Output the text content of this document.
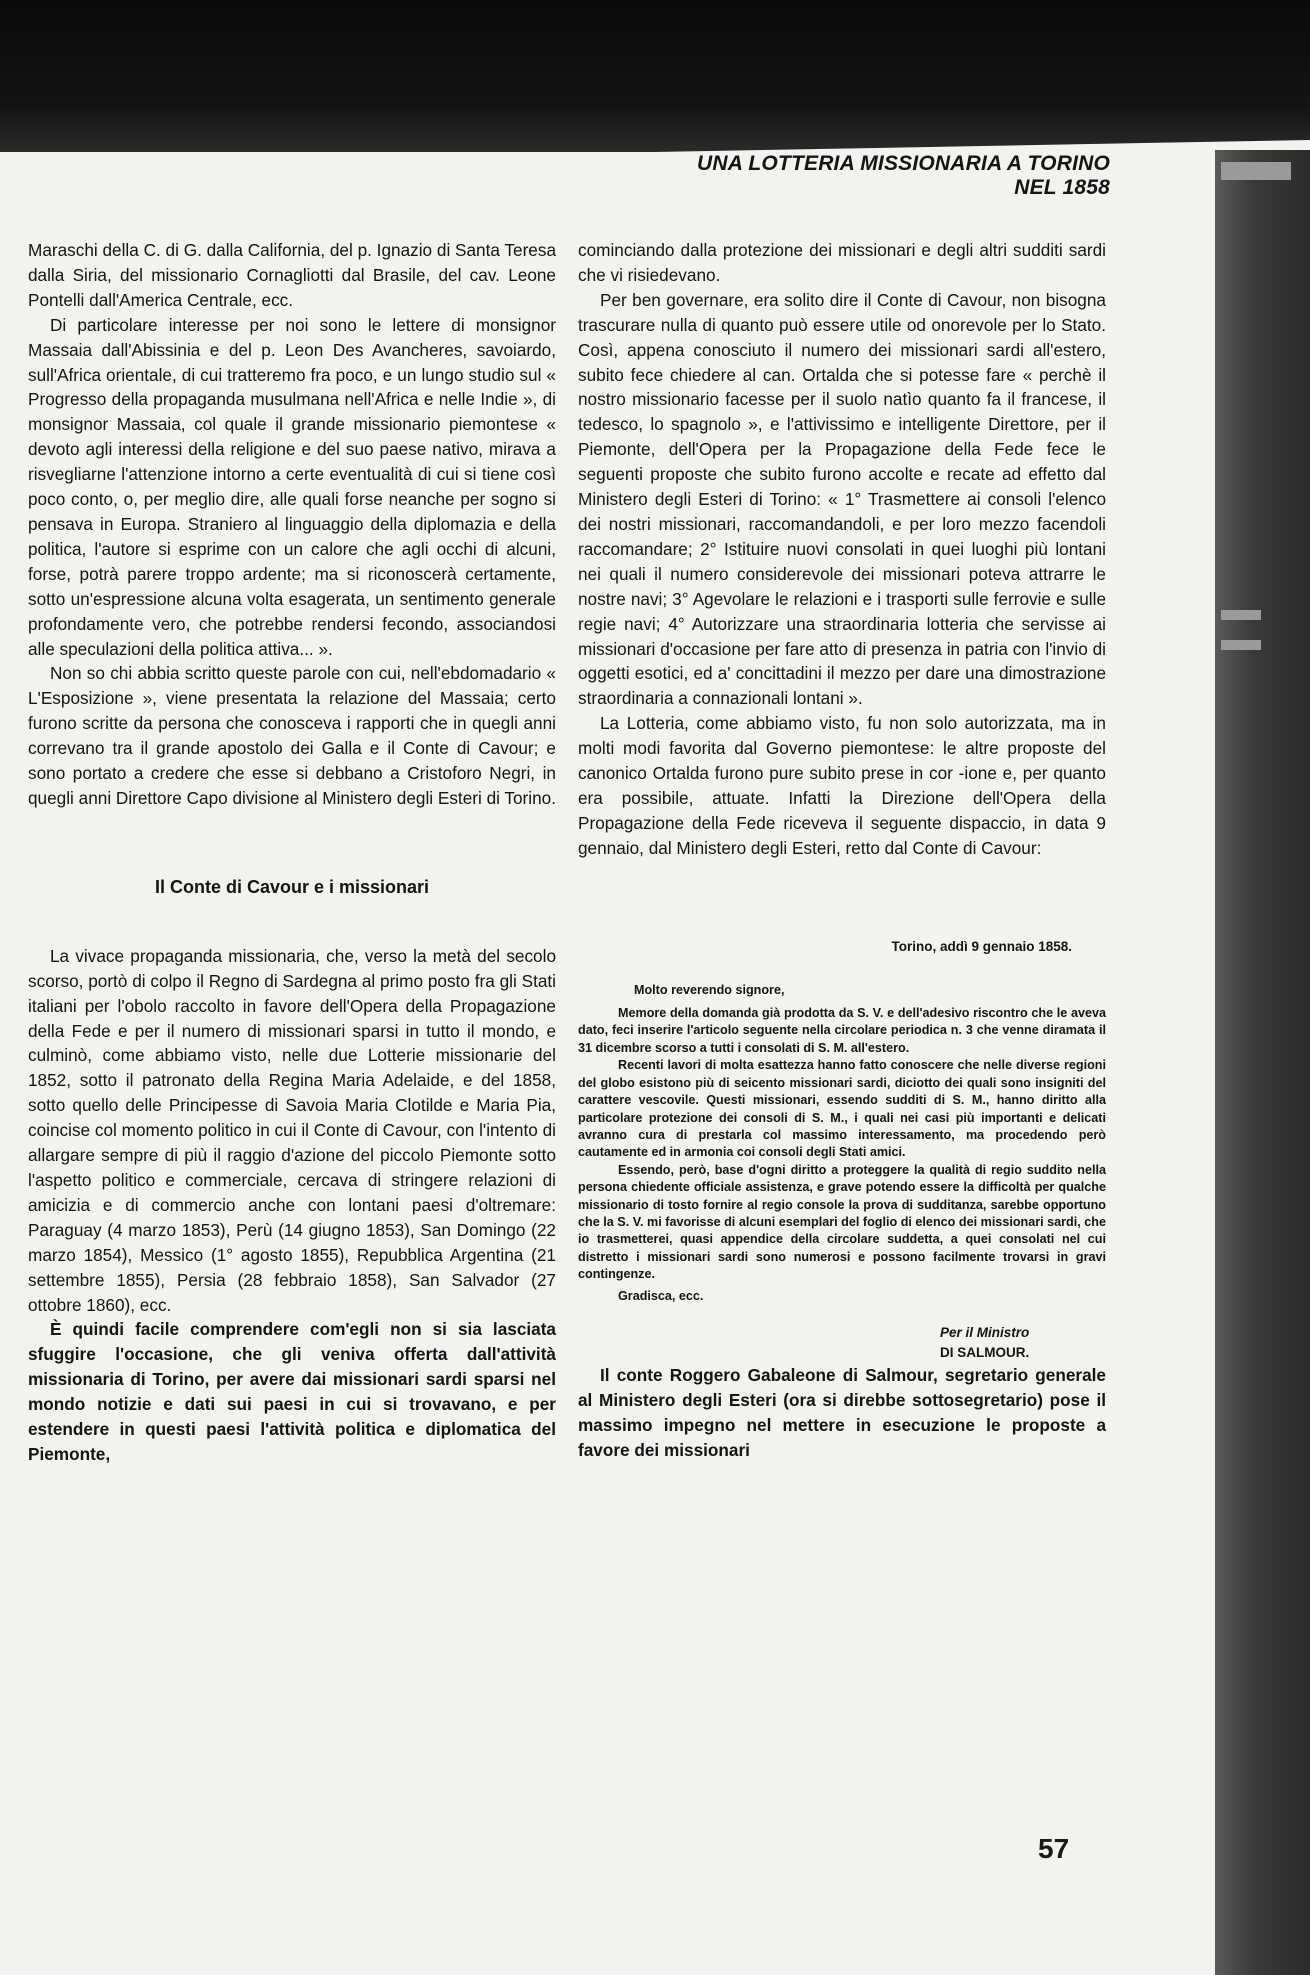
UNA LOTTERIA MISSIONARIA A TORINO NEL 1858

Maraschi della C. di G. dalla California, del p. Ignazio di Santa Teresa dalla Siria, del missionario Cornagliotti dal Brasile, del cav. Leone Pontelli dall'America Centrale, ecc.

Di particolare interesse per noi sono le lettere di monsignor Massaia dall'Abissinia e del p. Leon Des Avancheres, savoiardo, sull'Africa orientale, di cui tratteremo fra poco, e un lungo studio sul « Progresso della propaganda musulmana nell'Africa e nelle Indie », di monsignor Massaia, col quale il grande missionario piemontese « devoto agli interessi della religione e del suo paese nativo, mirava a risvegliarne l'attenzione intorno a certe eventualità di cui si tiene così poco conto, o, per meglio dire, alle quali forse neanche per sogno si pensava in Europa. Straniero al linguaggio della diplomazia e della politica, l'autore si esprime con un calore che agli occhi di alcuni, forse, potrà parere troppo ardente; ma si riconoscerà certamente, sotto un'espressione alcuna volta esagerata, un sentimento generale profondamente vero, che potrebbe rendersi fecondo, associandosi alle speculazioni della politica attiva... ».

Non so chi abbia scritto queste parole con cui, nell'ebdomadario « L'Esposizione », viene presentata la relazione del Massaia; certo furono scritte da persona che conosceva i rapporti che in quegli anni correvano tra il grande apostolo dei Galla e il Conte di Cavour; e sono portato a credere che esse si debbano a Cristoforo Negri, in quegli anni Direttore Capo divisione al Ministero degli Esteri di Torino.

Il Conte di Cavour e i missionari

La vivace propaganda missionaria, che, verso la metà del secolo scorso, portò di colpo il Regno di Sardegna al primo posto fra gli Stati italiani per l'obolo raccolto in favore dell'Opera della Propagazione della Fede e per il numero di missionari sparsi in tutto il mondo, e culminò, come abbiamo visto, nelle due Lotterie missionarie del 1852, sotto il patronato della Regina Maria Adelaide, e del 1858, sotto quello delle Principesse di Savoia Maria Clotilde e Maria Pia, coincise col momento politico in cui il Conte di Cavour, con l'intento di allargare sempre di più il raggio d'azione del piccolo Piemonte sotto l'aspetto politico e commerciale, cercava di stringere relazioni di amicizia e di commercio anche con lontani paesi d'oltremare: Paraguay (4 marzo 1853), Perù (14 giugno 1853), San Domingo (22 marzo 1854), Messico (1° agosto 1855), Repubblica Argentina (21 settembre 1855), Persia (28 febbraio 1858), San Salvador (27 ottobre 1860), ecc.

È quindi facile comprendere com'egli non si sia lasciata sfuggire l'occasione, che gli veniva offerta dall'attività missionaria di Torino, per avere dai missionari sardi sparsi nel mondo notizie e dati sui paesi in cui si trovavano, e per estendere in questi paesi l'attività politica e diplomatica del Piemonte,

cominciando dalla protezione dei missionari e degli altri sudditi sardi che vi risiedevano.

Per ben governare, era solito dire il Conte di Cavour, non bisogna trascurare nulla di quanto può essere utile od onorevole per lo Stato. Così, appena conosciuto il numero dei missionari sardi all'estero, subito fece chiedere al can. Ortalda che si potesse fare « perchè il nostro missionario facesse per il suolo natìo quanto fa il francese, il tedesco, lo spagnolo », e l'attivissimo e intelligente Direttore, per il Piemonte, dell'Opera per la Propagazione della Fede fece le seguenti proposte che subito furono accolte e recate ad effetto dal Ministero degli Esteri di Torino: « 1° Trasmettere ai consoli l'elenco dei nostri missionari, raccomandandoli, e per loro mezzo facendoli raccomandare; 2° Istituire nuovi consolati in quei luoghi più lontani nei quali il numero considerevole dei missionari poteva attrarre le nostre navi; 3° Agevolare le relazioni e i trasporti sulle ferrovie e sulle regie navi; 4° Autorizzare una straordinaria lotteria che servisse ai missionari d'occasione per fare atto di presenza in patria con l'invio di oggetti esotici, ed a' concittadini il mezzo per dare una dimostrazione straordinaria a connazionali lontani ».

La Lotteria, come abbiamo visto, fu non solo autorizzata, ma in molti modi favorita dal Governo piemontese: le altre proposte del canonico Ortalda furono pure subito prese in cor -ione e, per quanto era possibile, attuate. Infatti la Direzione dell'Opera della Propagazione della Fede riceveva il seguente dispaccio, in data 9 gennaio, dal Ministero degli Esteri, retto dal Conte di Cavour:

Torino, addì 9 gennaio 1858.

Molto reverendo signore,

Memore della domanda già prodotta da S. V. e dell'adesivo riscontro che le aveva dato, feci inserire l'articolo seguente nella circolare periodica n. 3 che venne diramata il 31 dicembre scorso a tutti i consolati di S. M. all'estero.

Recenti lavori di molta esattezza hanno fatto conoscere che nelle diverse regioni del globo esistono più di seicento missionari sardi, diciotto dei quali sono insigniti del carattere vescovile. Questi missionari, essendo sudditi di S. M., hanno diritto alla particolare protezione dei consoli di S. M., i quali nei casi più importanti e delicati avranno cura di prestarla col massimo interessamento, ma procedendo però cautamente ed in armonia coi consoli degli Stati amici.

Essendo, però, base d'ogni diritto a proteggere la qualità di regio suddito nella persona chiedente officiale assistenza, e grave potendo essere la difficoltà per qualche missionario di tosto fornire al regio console la prova di sudditanza, sarebbe opportuno che la S. V. mi favorisse di alcuni esemplari del foglio di elenco dei missionari sardi, che io trasmetterei, quasi appendice della circolare suddetta, a quei consolati nel cui distretto i missionari sardi sono numerosi e possono facilmente trovarsi in gravi contingenze.

Gradisca, ecc.

Per il Ministro
DI SALMOUR.

Il conte Roggero Gabaleone di Salmour, segretario generale al Ministero degli Esteri (ora si direbbe sottosegretario) pose il massimo impegno nel mettere in esecuzione le proposte a favore dei missionari

57
